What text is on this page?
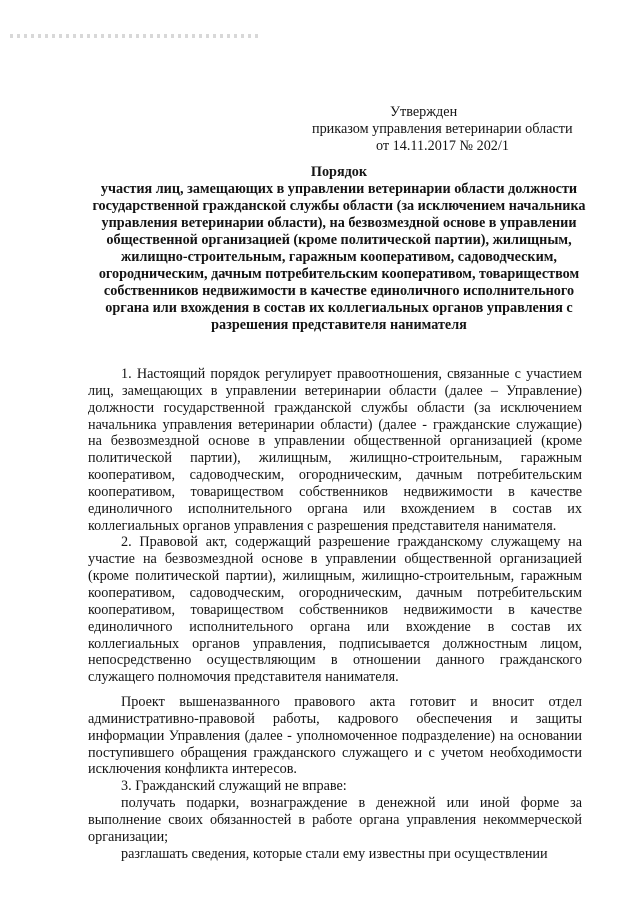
Утвержден
приказом управления ветеринарии области
от 14.11.2017 № 202/1
Порядок
участия лиц, замещающих в управлении ветеринарии области должности государственной гражданской службы области (за исключением начальника управления ветеринарии области), на безвозмездной основе в управлении общественной организацией (кроме политической партии), жилищным, жилищно-строительным, гаражным кооперативом, садоводческим, огородническим, дачным потребительским кооперативом, товариществом собственников недвижимости в качестве единоличного исполнительного органа или вхождения в состав их коллегиальных органов управления с разрешения представителя нанимателя

1. Настоящий порядок регулирует правоотношения, связанные с участием лиц, замещающих в управлении ветеринарии области (далее – Управление) должности государственной гражданской службы области (за исключением начальника управления ветеринарии области) (далее - гражданские служащие) на безвозмездной основе в управлении общественной организацией (кроме политической партии), жилищным, жилищно-строительным, гаражным кооперативом, садоводческим, огородническим, дачным потребительским кооперативом, товариществом собственников недвижимости в качестве единоличного исполнительного органа или вхождением в состав их коллегиальных органов управления с разрешения представителя нанимателя.

2. Правовой акт, содержащий разрешение гражданскому служащему на участие на безвозмездной основе в управлении общественной организацией (кроме политической партии), жилищным, жилищно-строительным, гаражным кооперативом, садоводческим, огородническим, дачным потребительским кооперативом, товариществом собственников недвижимости в качестве единоличного исполнительного органа или вхождение в состав их коллегиальных органов управления, подписывается должностным лицом, непосредственно осуществляющим в отношении данного гражданского служащего полномочия представителя нанимателя.

Проект вышеназванного правового акта готовит и вносит отдел административно-правовой работы, кадрового обеспечения и защиты информации Управления (далее - уполномоченное подразделение) на основании поступившего обращения гражданского служащего и с учетом необходимости исключения конфликта интересов.

3. Гражданский служащий не вправе:

получать подарки, вознаграждение в денежной или иной форме за выполнение своих обязанностей в работе органа управления некоммерческой организации;

разглашать сведения, которые стали ему известны при осуществлении
